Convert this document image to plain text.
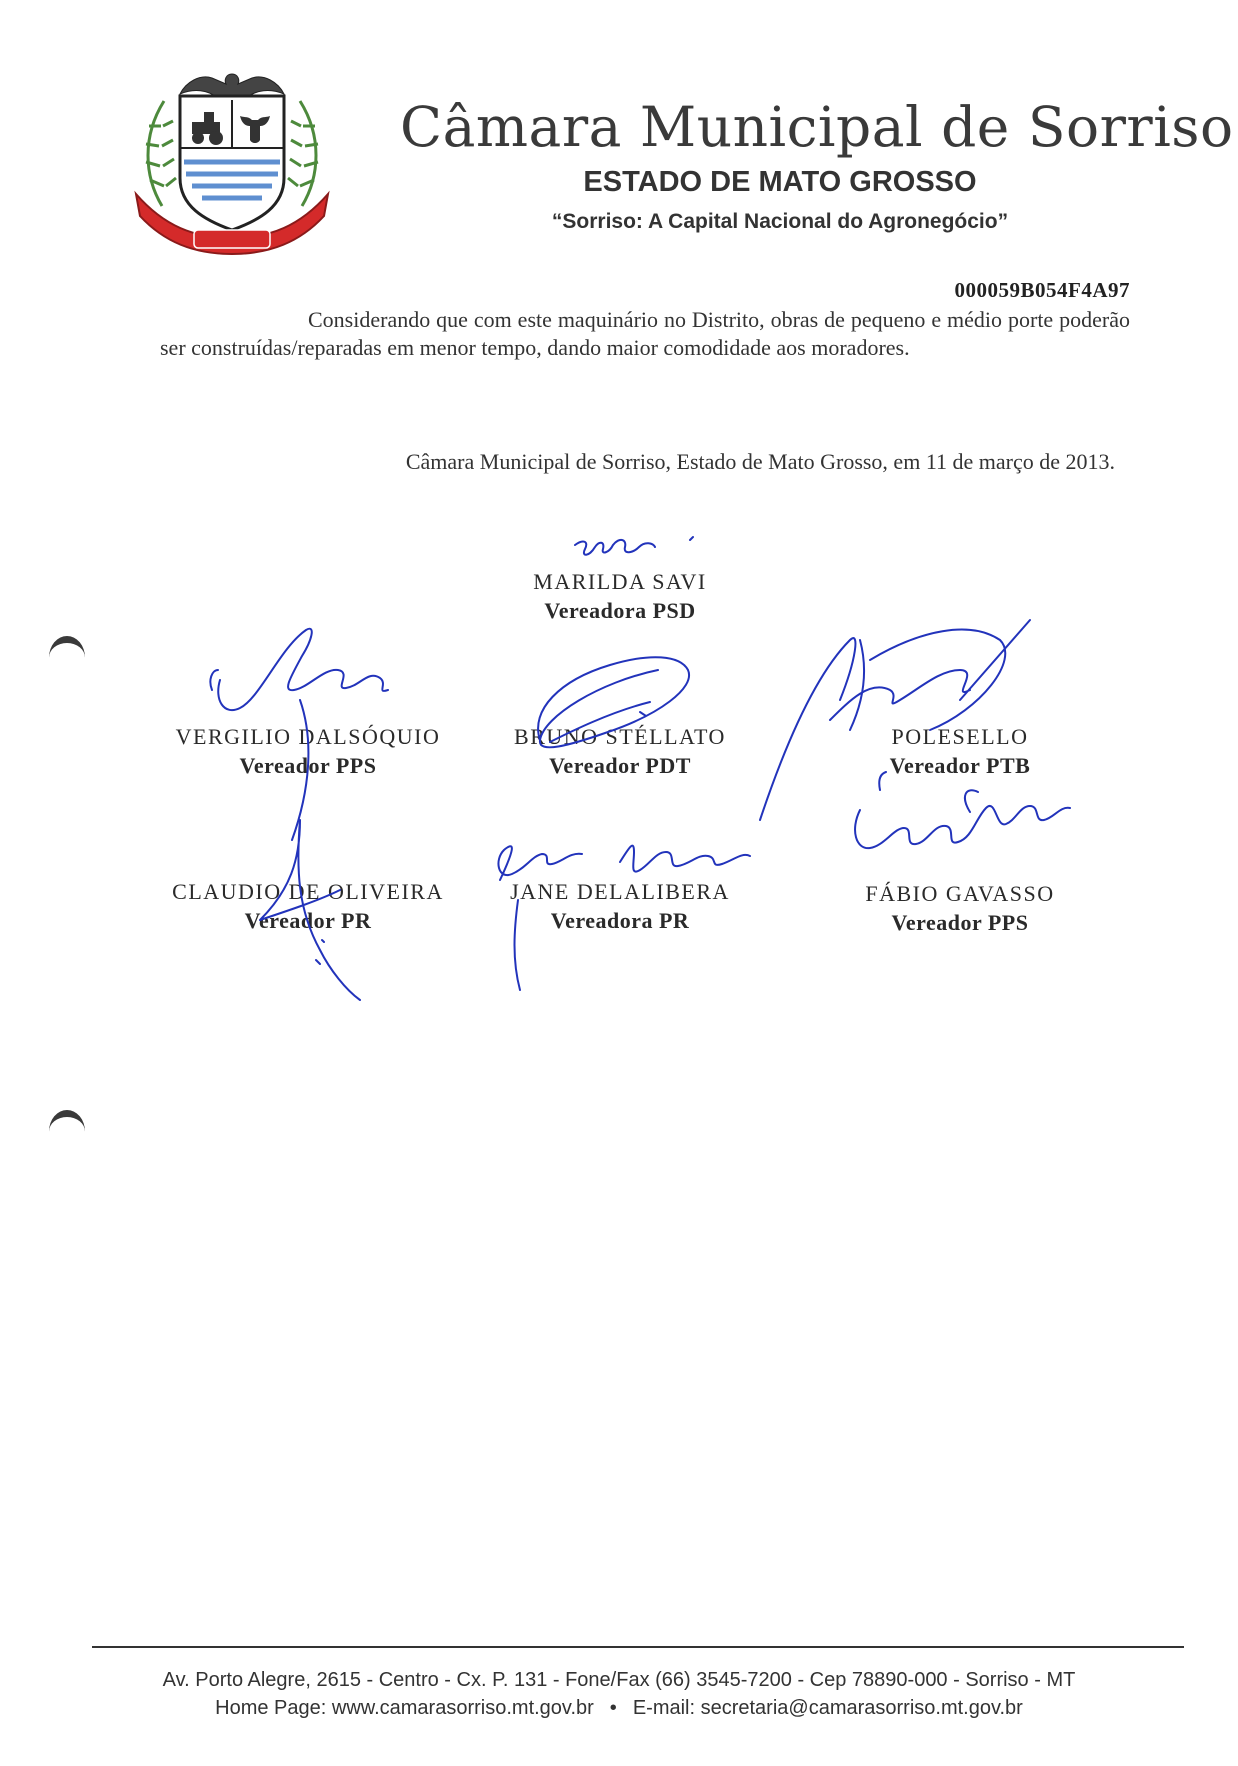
Câmara Municipal de Sorriso
ESTADO DE MATO GROSSO
“Sorriso: A Capital Nacional do Agronegócio”
000059B054F4A97
Considerando que com este maquinário no Distrito, obras de pequeno e médio porte poderão ser construídas/reparadas em menor tempo, dando maior comodidade aos moradores.
Câmara Municipal de Sorriso, Estado de Mato Grosso, em 11 de março de 2013.
MARILDA SAVI
Vereadora PSD
VERGILIO DALSÓQUIO
Vereador PPS
BRUNO STÉLLATO
Vereador PDT
POLESELLO
Vereador PTB
CLAUDIO DE OLIVEIRA
Vereador PR
JANE DELALIBERA
Vereadora PR
FÁBIO GAVASSO
Vereador PPS
Av. Porto Alegre, 2615 - Centro - Cx. P. 131 - Fone/Fax (66) 3545-7200 - Cep 78890-000 - Sorriso - MT
Home Page: www.camarasorriso.mt.gov.br • E-mail: secretaria@camarasorriso.mt.gov.br
